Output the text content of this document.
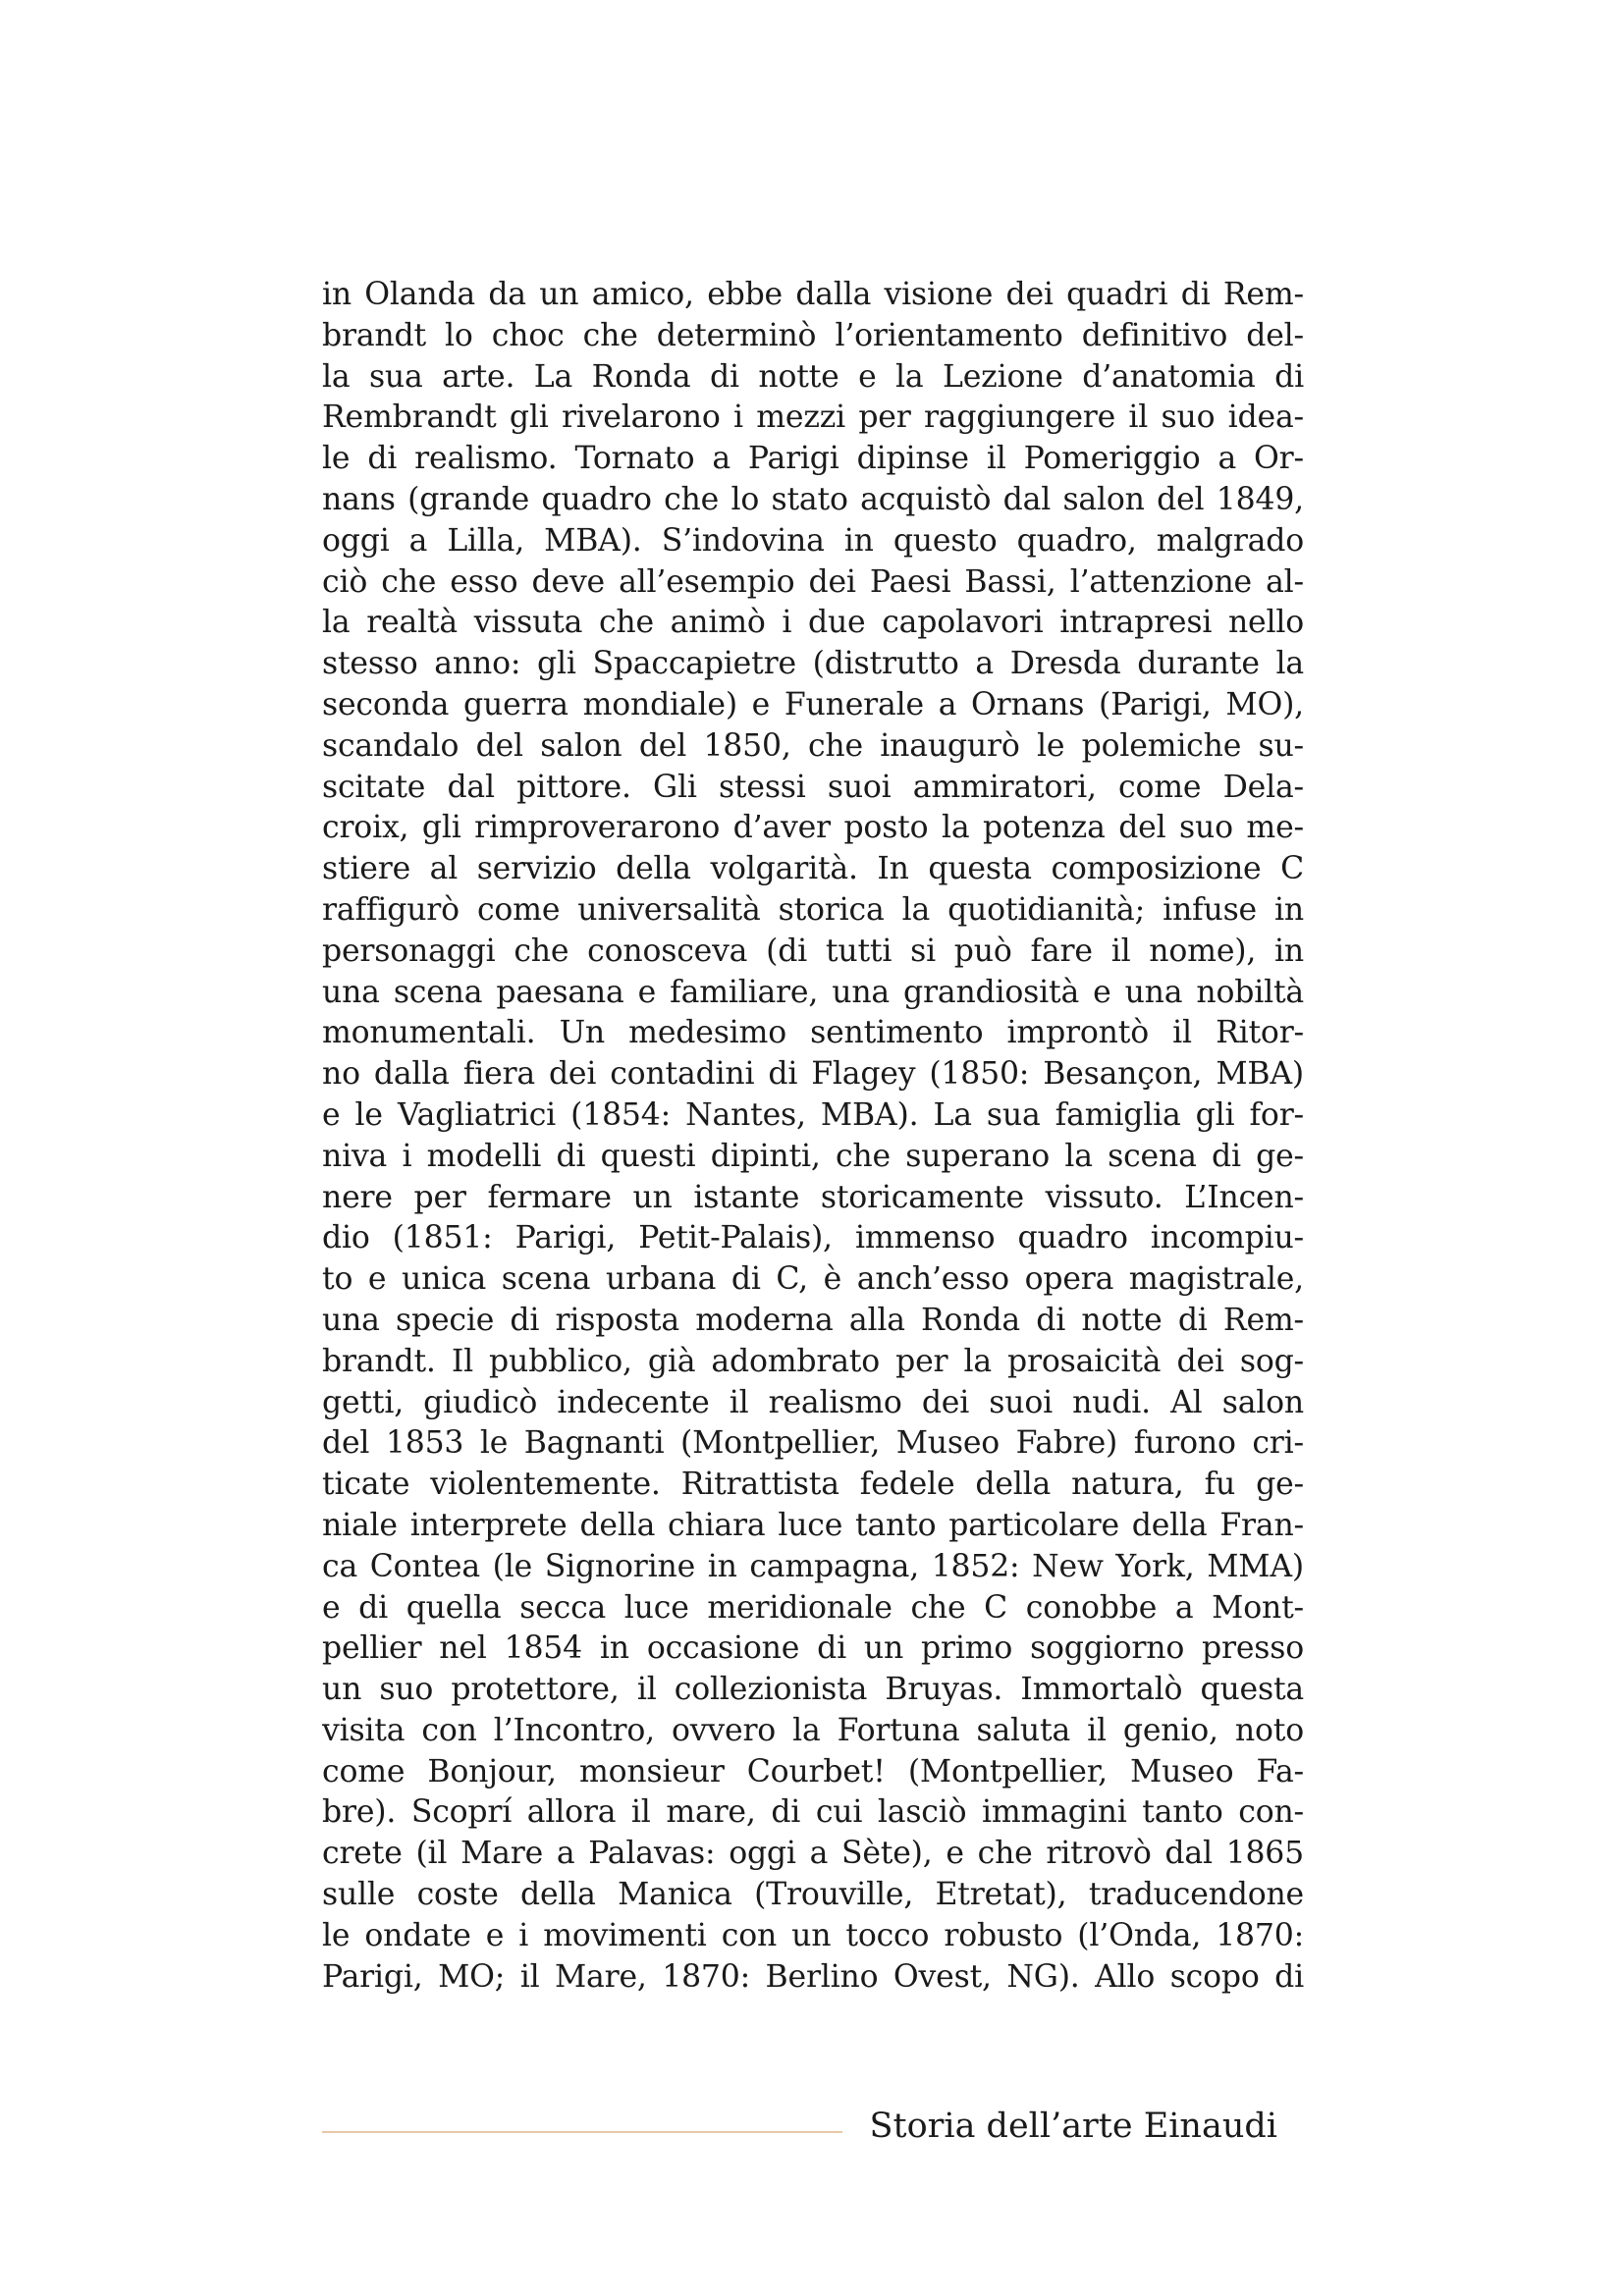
in Olanda da un amico, ebbe dalla visione dei quadri di Rem-
brandt lo choc che determinò l’orientamento definitivo del-
la sua arte. La Ronda di notte e la Lezione d’anatomia di
Rembrandt gli rivelarono i mezzi per raggiungere il suo idea-
le di realismo. Tornato a Parigi dipinse il Pomeriggio a Or-
nans (grande quadro che lo stato acquistò dal salon del 1849,
oggi a Lilla, MBA). S’indovina in questo quadro, malgrado
ciò che esso deve all’esempio dei Paesi Bassi, l’attenzione al-
la realtà vissuta che animò i due capolavori intrapresi nello
stesso anno: gli Spaccapietre (distrutto a Dresda durante la
seconda guerra mondiale) e Funerale a Ornans (Parigi, MO),
scandalo del salon del 1850, che inaugurò le polemiche su-
scitate dal pittore. Gli stessi suoi ammiratori, come Dela-
croix, gli rimproverarono d’aver posto la potenza del suo me-
stiere al servizio della volgarità. In questa composizione C
raffigurò come universalità storica la quotidianità; infuse in
personaggi che conosceva (di tutti si può fare il nome), in
una scena paesana e familiare, una grandiosità e una nobiltà
monumentali. Un medesimo sentimento improntò il Ritor-
no dalla fiera dei contadini di Flagey (1850: Besançon, MBA)
e le Vagliatrici (1854: Nantes, MBA). La sua famiglia gli for-
niva i modelli di questi dipinti, che superano la scena di ge-
nere per fermare un istante storicamente vissuto. L’Incen-
dio (1851: Parigi, Petit-Palais), immenso quadro incompiu-
to e unica scena urbana di C, è anch’esso opera magistrale,
una specie di risposta moderna alla Ronda di notte di Rem-
brandt. Il pubblico, già adombrato per la prosaicità dei sog-
getti, giudicò indecente il realismo dei suoi nudi. Al salon
del 1853 le Bagnanti (Montpellier, Museo Fabre) furono cri-
ticate violentemente. Ritrattista fedele della natura, fu ge-
niale interprete della chiara luce tanto particolare della Fran-
ca Contea (le Signorine in campagna, 1852: New York, MMA)
e di quella secca luce meridionale che C conobbe a Mont-
pellier nel 1854 in occasione di un primo soggiorno presso
un suo protettore, il collezionista Bruyas. Immortalò questa
visita con l’Incontro, ovvero la Fortuna saluta il genio, noto
come Bonjour, monsieur Courbet! (Montpellier, Museo Fa-
bre). Scoprí allora il mare, di cui lasciò immagini tanto con-
crete (il Mare a Palavas: oggi a Sète), e che ritrovò dal 1865
sulle coste della Manica (Trouville, Etretat), traducendone
le ondate e i movimenti con un tocco robusto (l’Onda, 1870:
Parigi, MO; il Mare, 1870: Berlino Ovest, NG). Allo scopo di
Storia dell’arte Einaudi
